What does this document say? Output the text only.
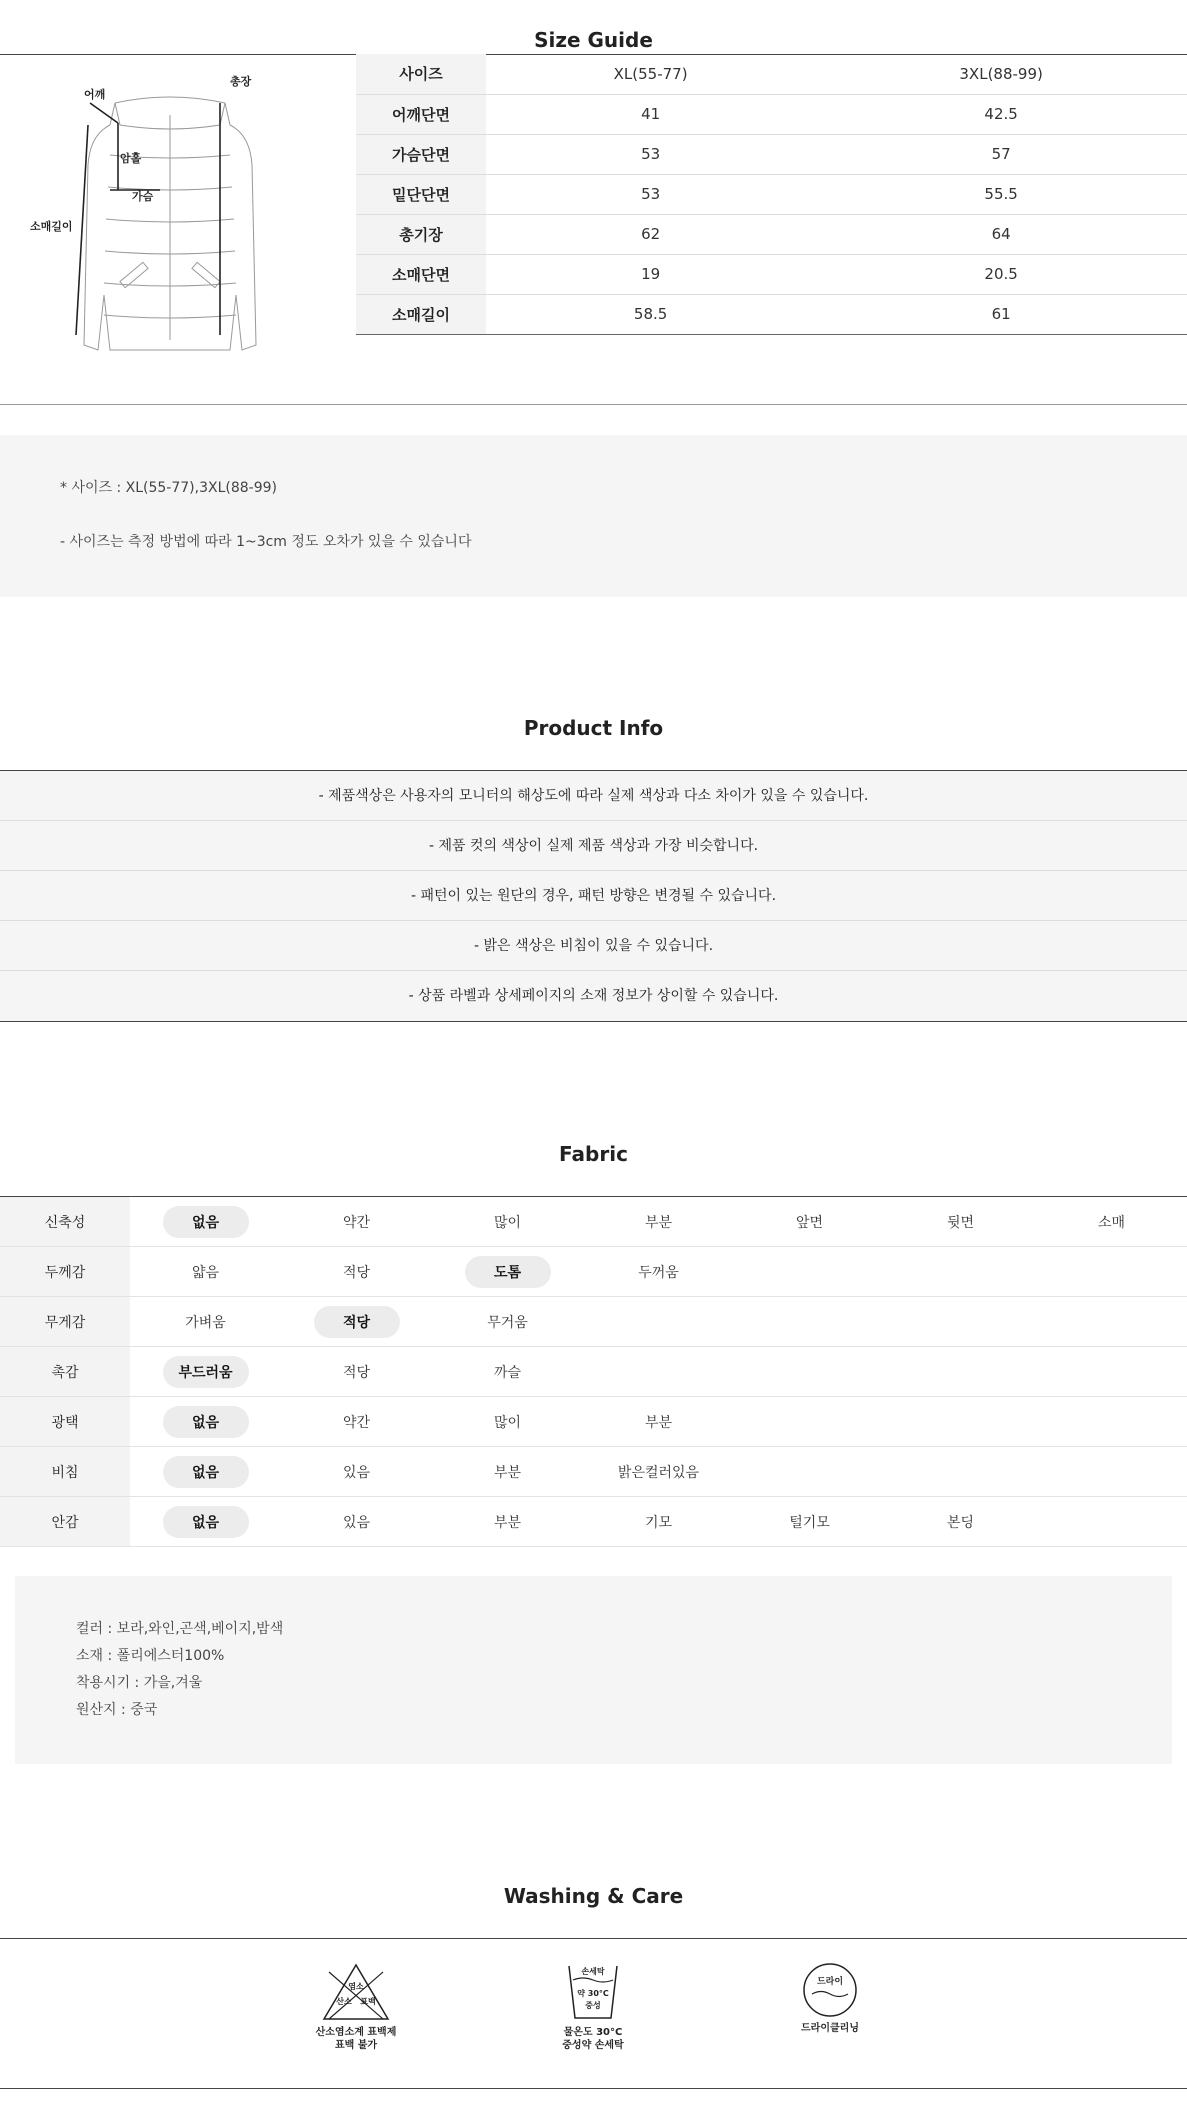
Size Guide
어깨
총장
암홀
가슴
소매길이
사이즈	XL(55-77)	3XL(88-99)
어깨단면	41	42.5
가슴단면	53	57
밑단단면	53	55.5
총기장	62	64
소매단면	19	20.5
소매길이	58.5	61
* 사이즈 : XL(55-77),3XL(88-99)
- 사이즈는 측정 방법에 따라 1~3cm 정도 오차가 있을 수 있습니다
Product Info
- 제품색상은 사용자의 모니터의 해상도에 따라 실제 색상과 다소 차이가 있을 수 있습니다.
- 제품 컷의 색상이 실제 제품 색상과 가장 비슷합니다.
- 패턴이 있는 원단의 경우, 패턴 방향은 변경될 수 있습니다.
- 밝은 색상은 비침이 있을 수 있습니다.
- 상품 라벨과 상세페이지의 소재 정보가 상이할 수 있습니다.
Fabric
신축성	없음	약간	많이	부분	앞면	뒷면	소매
두께감	얇음	적당	도톰	두꺼움			
무게감	가벼움	적당	무거움				
촉감	부드러움	적당	까슬				
광택	없음	약간	많이	부분			
비침	없음	있음	부분	밝은컬러있음			
안감	없음	있음	부분	기모	털기모	본딩	
컬러 : 보라,와인,곤색,베이지,밤색
소재 : 폴리에스터100%
착용시기 : 가을,겨울
원산지 : 중국
Washing & Care
염소
산소 표백
산소염소계 표백제
표백 불가
손세탁
약 30°C
중성
물온도 30°C
중성약 손세탁
드라이
드라이클리닝
